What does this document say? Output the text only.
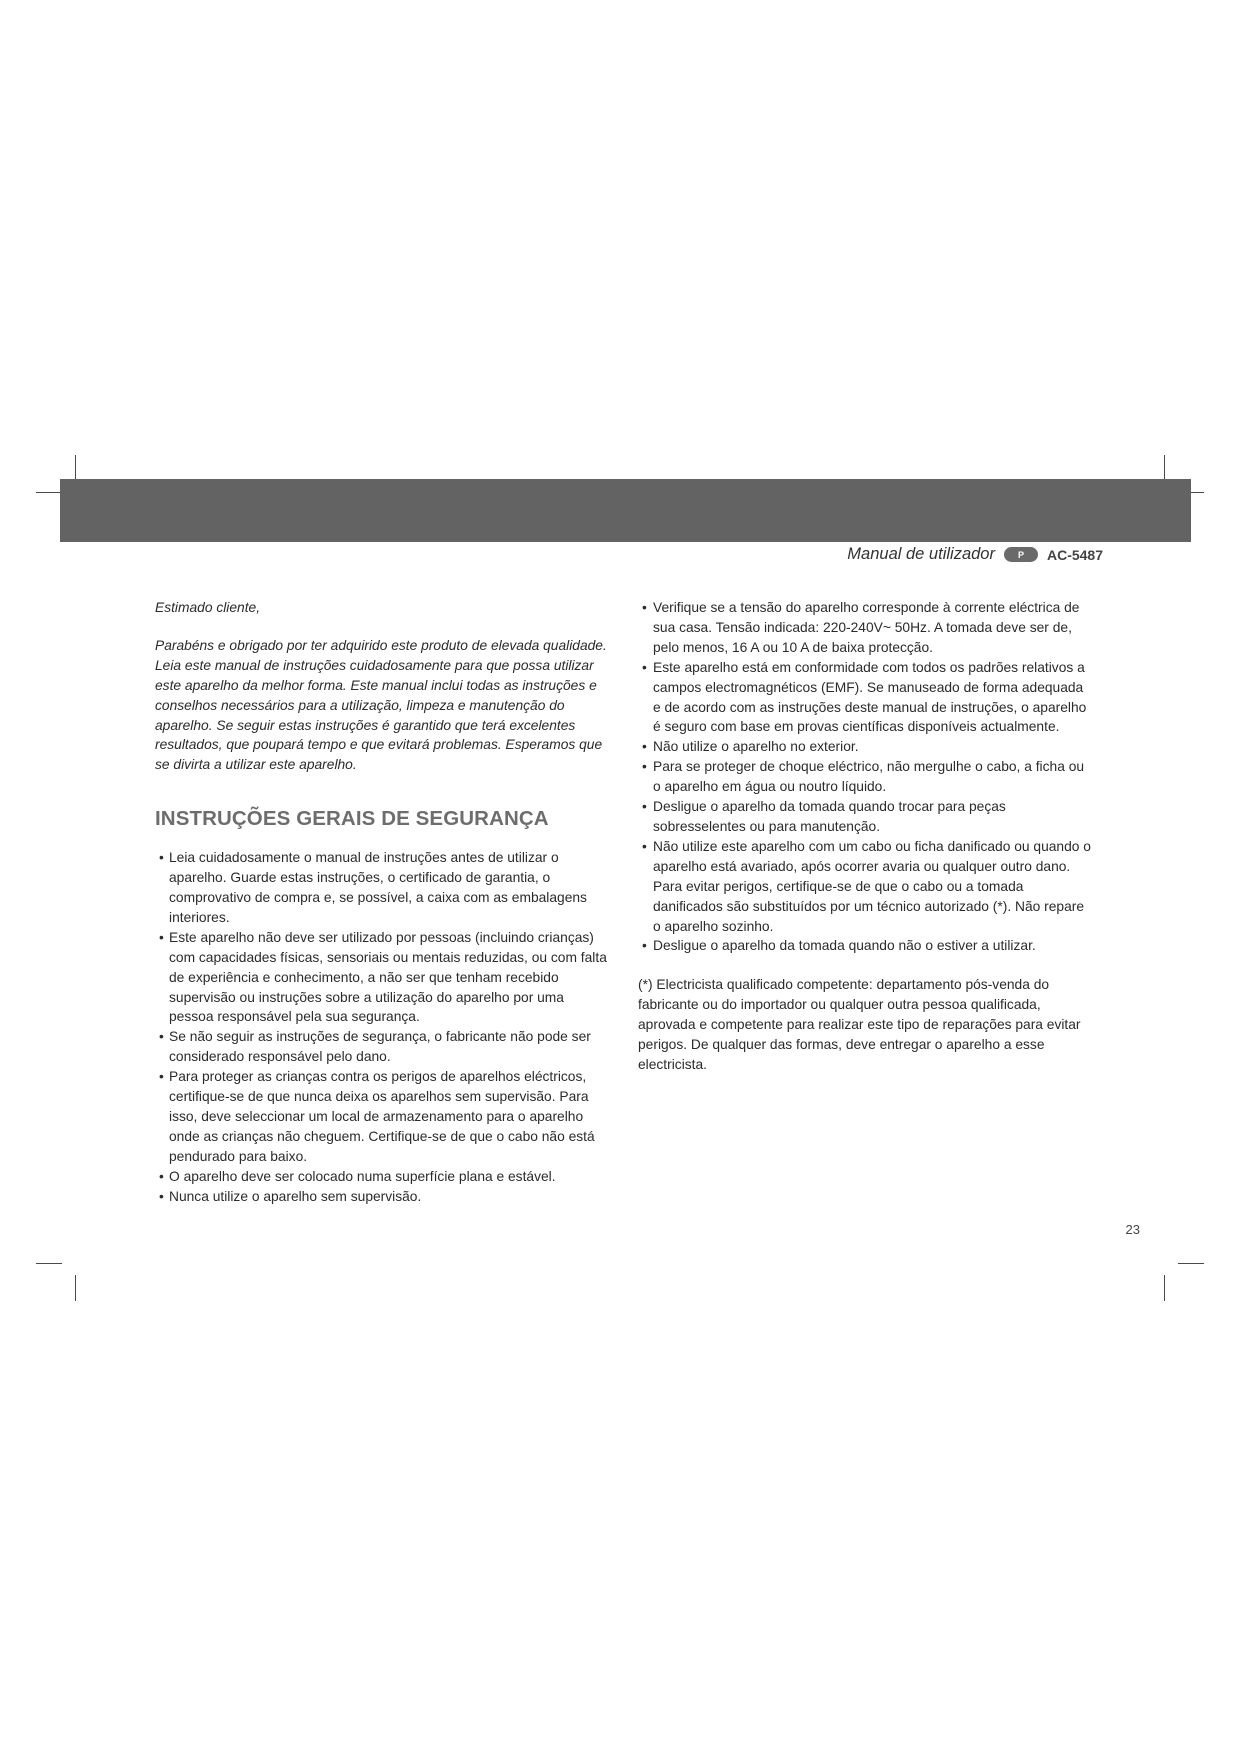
Manual de utilizador	P	AC-5487

Estimado cliente,

Parabéns e obrigado por ter adquirido este produto de elevada qualidade. Leia este manual de instruções cuidadosamente para que possa utilizar este aparelho da melhor forma. Este manual inclui todas as instruções e conselhos necessários para a utilização, limpeza e manutenção do aparelho. Se seguir estas instruções é garantido que terá excelentes resultados, que poupará tempo e que evitará problemas. Esperamos que se divirta a utilizar este aparelho.

INSTRUÇÕES GERAIS DE SEGURANÇA
• Leia cuidadosamente o manual de instruções antes de utilizar o aparelho. Guarde estas instruções, o certificado de garantia, o comprovativo de compra e, se possível, a caixa com as embalagens interiores.
• Este aparelho não deve ser utilizado por pessoas (incluindo crianças) com capacidades físicas, sensoriais ou mentais reduzidas, ou com falta de experiência e conhecimento, a não ser que tenham recebido supervisão ou instruções sobre a utilização do aparelho por uma pessoa responsável pela sua segurança.
• Se não seguir as instruções de segurança, o fabricante não pode ser considerado responsável pelo dano.
• Para proteger as crianças contra os perigos de aparelhos eléctricos, certifique-se de que nunca deixa os aparelhos sem supervisão. Para isso, deve seleccionar um local de armazenamento para o aparelho onde as crianças não cheguem. Certifique-se de que o cabo não está pendurado para baixo.
• O aparelho deve ser colocado numa superfície plana e estável.
• Nunca utilize o aparelho sem supervisão.
• Verifique se a tensão do aparelho corresponde à corrente eléctrica de sua casa. Tensão indicada: 220-240V~ 50Hz. A tomada deve ser de, pelo menos, 16 A ou 10 A de baixa protecção.
• Este aparelho está em conformidade com todos os padrões relativos a campos electromagnéticos (EMF). Se manuseado de forma adequada e de acordo com as instruções deste manual de instruções, o aparelho é seguro com base em provas científicas disponíveis actualmente.
• Não utilize o aparelho no exterior.
• Para se proteger de choque eléctrico, não mergulhe o cabo, a ficha ou o aparelho em água ou noutro líquido.
• Desligue o aparelho da tomada quando trocar para peças sobresselentes ou para manutenção.
• Não utilize este aparelho com um cabo ou ficha danificado ou quando o aparelho está avariado, após ocorrer avaria ou qualquer outro dano. Para evitar perigos, certifique-se de que o cabo ou a tomada danificados são substituídos por um técnico autorizado (*). Não repare o aparelho sozinho.
• Desligue o aparelho da tomada quando não o estiver a utilizar.

(*) Electricista qualificado competente: departamento pós-venda do fabricante ou do importador ou qualquer outra pessoa qualificada, aprovada e competente para realizar este tipo de reparações para evitar perigos. De qualquer das formas, deve entregar o aparelho a esse electricista.

23
